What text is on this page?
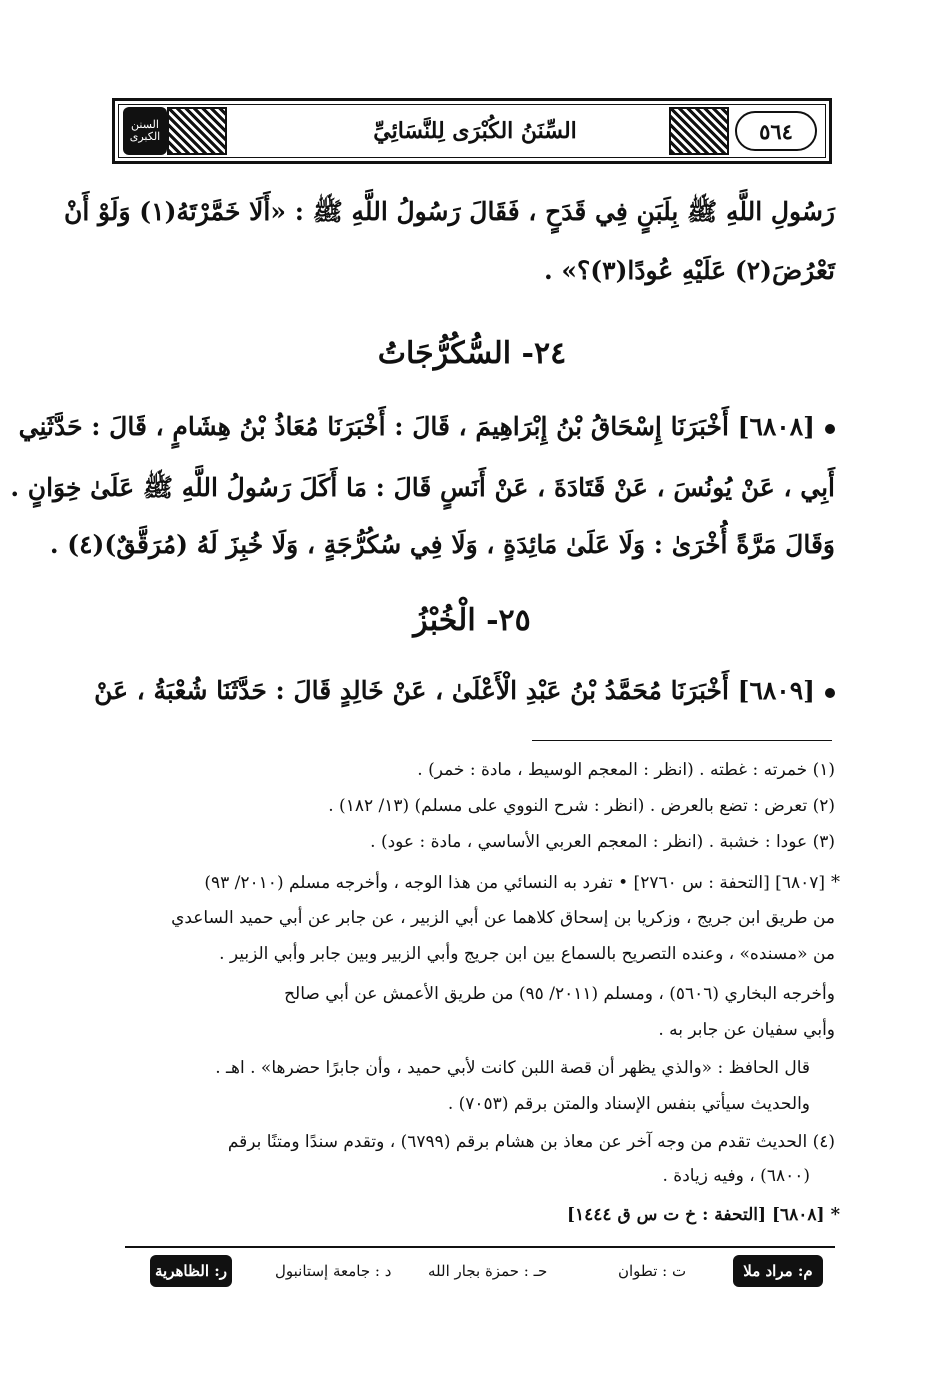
السنن الكبرى	السِّنَنُ الكُبْرَى لِلنَّسَائِيِّ	٥٦٤
رَسُولِ اللَّهِ ﷺ بِلَبَنٍ فِي قَدَحٍ ، فَقَالَ رَسُولُ اللَّهِ ﷺ : «أَلَا خَمَّرْتَهُ(١) وَلَوْ أَنْ
تَعْرُضَ(٢) عَلَيْهِ عُودًا(٣)؟» .
٢٤- السُّكُرُّجَاتُ
[٦٨٠٨] أَخْبَرَنَا إِسْحَاقُ بْنُ إِبْرَاهِيمَ ، قَالَ : أَخْبَرَنَا مُعَاذُ بْنُ هِشَامٍ ، قَالَ : حَدَّثَنِي
أَبِي ، عَنْ يُونُسَ ، عَنْ قَتَادَةَ ، عَنْ أَنَسٍ قَالَ : مَا أَكَلَ رَسُولُ اللَّهِ ﷺ عَلَىٰ خِوَانٍ .
وَقَالَ مَرَّةً أُخْرَىٰ : وَلَا عَلَىٰ مَائِدَةٍ ، وَلَا فِي سُكُرُّجَةٍ ، وَلَا خُبِزَ لَهُ (مُرَقَّقٌ)(٤) .
٢٥- الْخُبْزُ
[٦٨٠٩] أَخْبَرَنَا مُحَمَّدُ بْنُ عَبْدِ الْأَعْلَىٰ ، عَنْ خَالِدٍ قَالَ : حَدَّثَنَا شُعْبَةُ ، عَنْ
(١) خمرته : غطته . (انظر : المعجم الوسيط ، مادة : خمر) .
(٢) تعرض : تضع بالعرض . (انظر : شرح النووي على مسلم) (١٣/ ١٨٢) .
(٣) عودا : خشبة . (انظر : المعجم العربي الأساسي ، مادة : عود) .
*[٦٨٠٧] [التحفة : س ٢٧٦٠] • تفرد به النسائي من هذا الوجه ، وأخرجه مسلم (٢٠١٠/ ٩٣)
من طريق ابن جريج ، وزكريا بن إسحاق كلاهما عن أبي الزبير ، عن جابر عن أبي حميد الساعدي
من «مسنده» ، وعنده التصريح بالسماع بين ابن جريج وأبي الزبير وبين جابر وأبي الزبير .
وأخرجه البخاري (٥٦٠٦) ، ومسلم (٢٠١١/ ٩٥) من طريق الأعمش عن أبي صالح
وأبي سفيان عن جابر به .
قال الحافظ : «والذي يظهر أن قصة اللبن كانت لأبي حميد ، وأن جابرًا حضرها» . اهـ .
والحديث سيأتي بنفس الإسناد والمتن برقم (٧٠٥٣) .
(٤) الحديث تقدم من وجه آخر عن معاذ بن هشام برقم (٦٧٩٩) ، وتقدم سندًا ومتنًا برقم
(٦٨٠٠) ، وفيه زيادة .
*[٦٨٠٨] [التحفة : خ ت س ق ١٤٤٤]
م: مراد ملا
ت : تطوان
حـ : حمزة بجار الله
د : جامعة إستانبول
ر: الظاهرية
